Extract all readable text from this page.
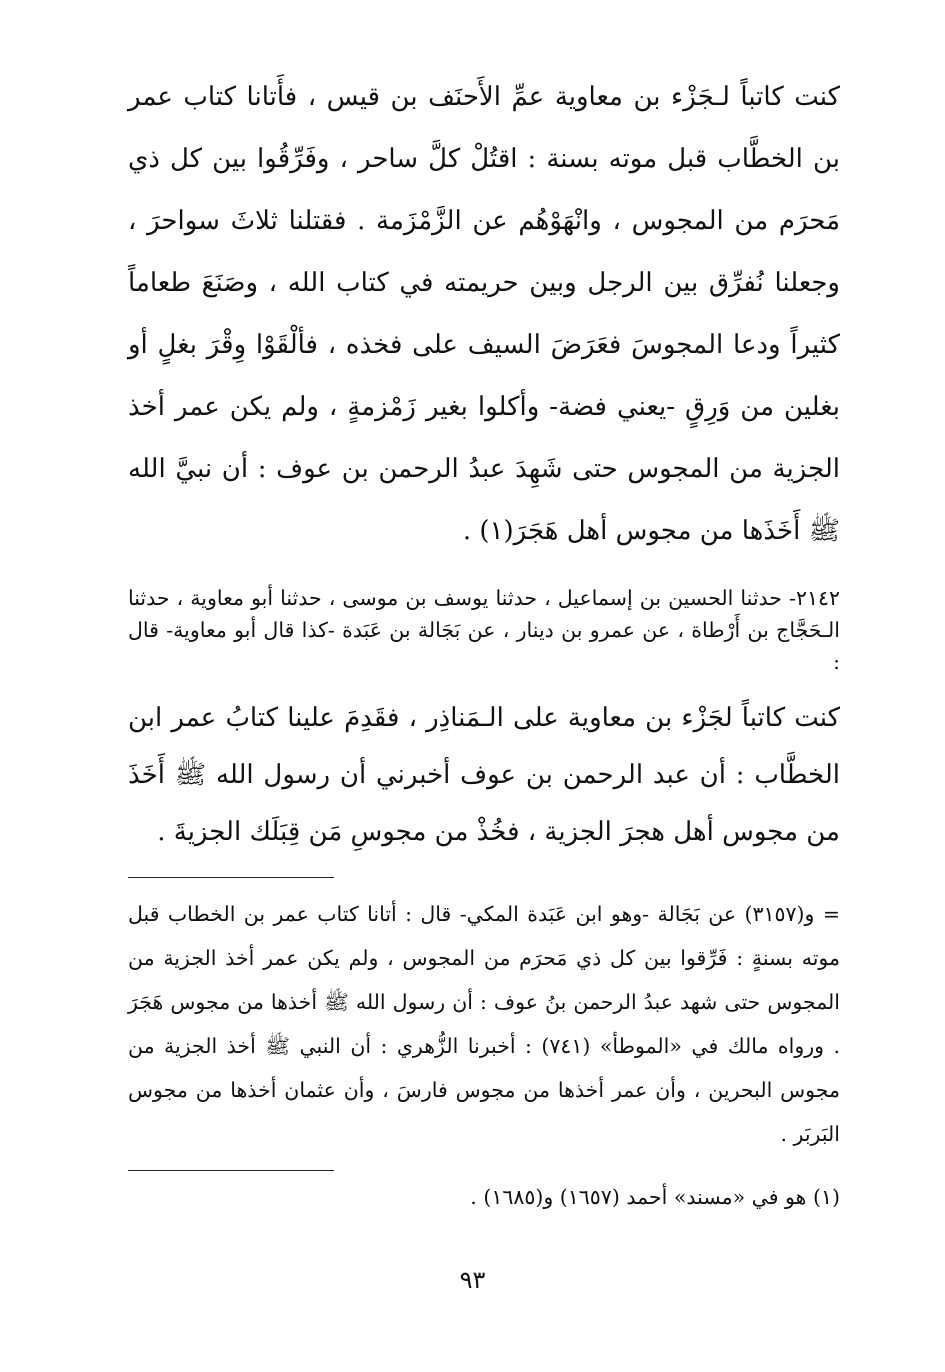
كنت كاتباً لـجَزْء بن معاوية عمِّ الأَحنَف بن قيس ، فأَتانا كتاب عمر بن الخطَّاب قبل موته بسنة : اقتُلْ كلَّ ساحر ، وفَرِّقُوا بين كل ذي مَحرَم من المجوس ، وانْهَوْهُم عن الزَّمْزَمة . فقتلنا ثلاثَ سواحرَ ، وجعلنا نُفرِّق بين الرجل وبين حريمته في كتاب الله ، وصَنَعَ طعاماً كثيراً ودعا المجوسَ فعَرَضَ السيف على فخذه ، فألْقَوْا وِقْرَ بغلٍ أو بغلين من وَرِقٍ -يعني فضة- وأكلوا بغير زَمْزمةٍ ، ولم يكن عمر أخذ الجزية من المجوس حتى شَهِدَ عبدُ الرحمن بن عوف : أن نبيَّ الله ﷺ أَخَذَها من مجوس أهل هَجَرَ(١) .

٢١٤٢- حدثنا الحسين بن إسماعيل ، حدثنا يوسف بن موسى ، حدثنا أبو معاوية ، حدثنا الـحَجَّاج بن أَرْطاة ، عن عمرو بن دينار ، عن بَجَالة بن عَبَدة -كذا قال أبو معاوية- قال :

كنت كاتباً لجَزْء بن معاوية على الـمَناذِر ، فقَدِمَ علينا كتابُ عمر ابن الخطَّاب : أن عبد الرحمن بن عوف أخبرني أن رسول الله ﷺ أَخَذَ من مجوس أهل هجرَ الجزية ، فخُذْ من مجوسِ مَن قِبَلَك الجزيةَ .

= و(٣١٥٧) عن بَجَالة -وهو ابن عَبَدة المكي- قال : أتانا كتاب عمر بن الخطاب قبل موته بسنةٍ : فَرِّقوا بين كل ذي مَحرَم من المجوس ، ولم يكن عمر أخذ الجزية من المجوس حتى شهد عبدُ الرحمن بنُ عوف : أن رسول الله ﷺ أخذها من مجوس هَجَرَ . ورواه مالك في «الموطأ» (٧٤١) : أخبرنا الزُّهري : أن النبي ﷺ أخذ الجزية من مجوس البحرين ، وأن عمر أخذها من مجوس فارسَ ، وأن عثمان أخذها من مجوس البَربَر .

(١) هو في «مسند» أحمد (١٦٥٧) و(١٦٨٥) .

٩٣
